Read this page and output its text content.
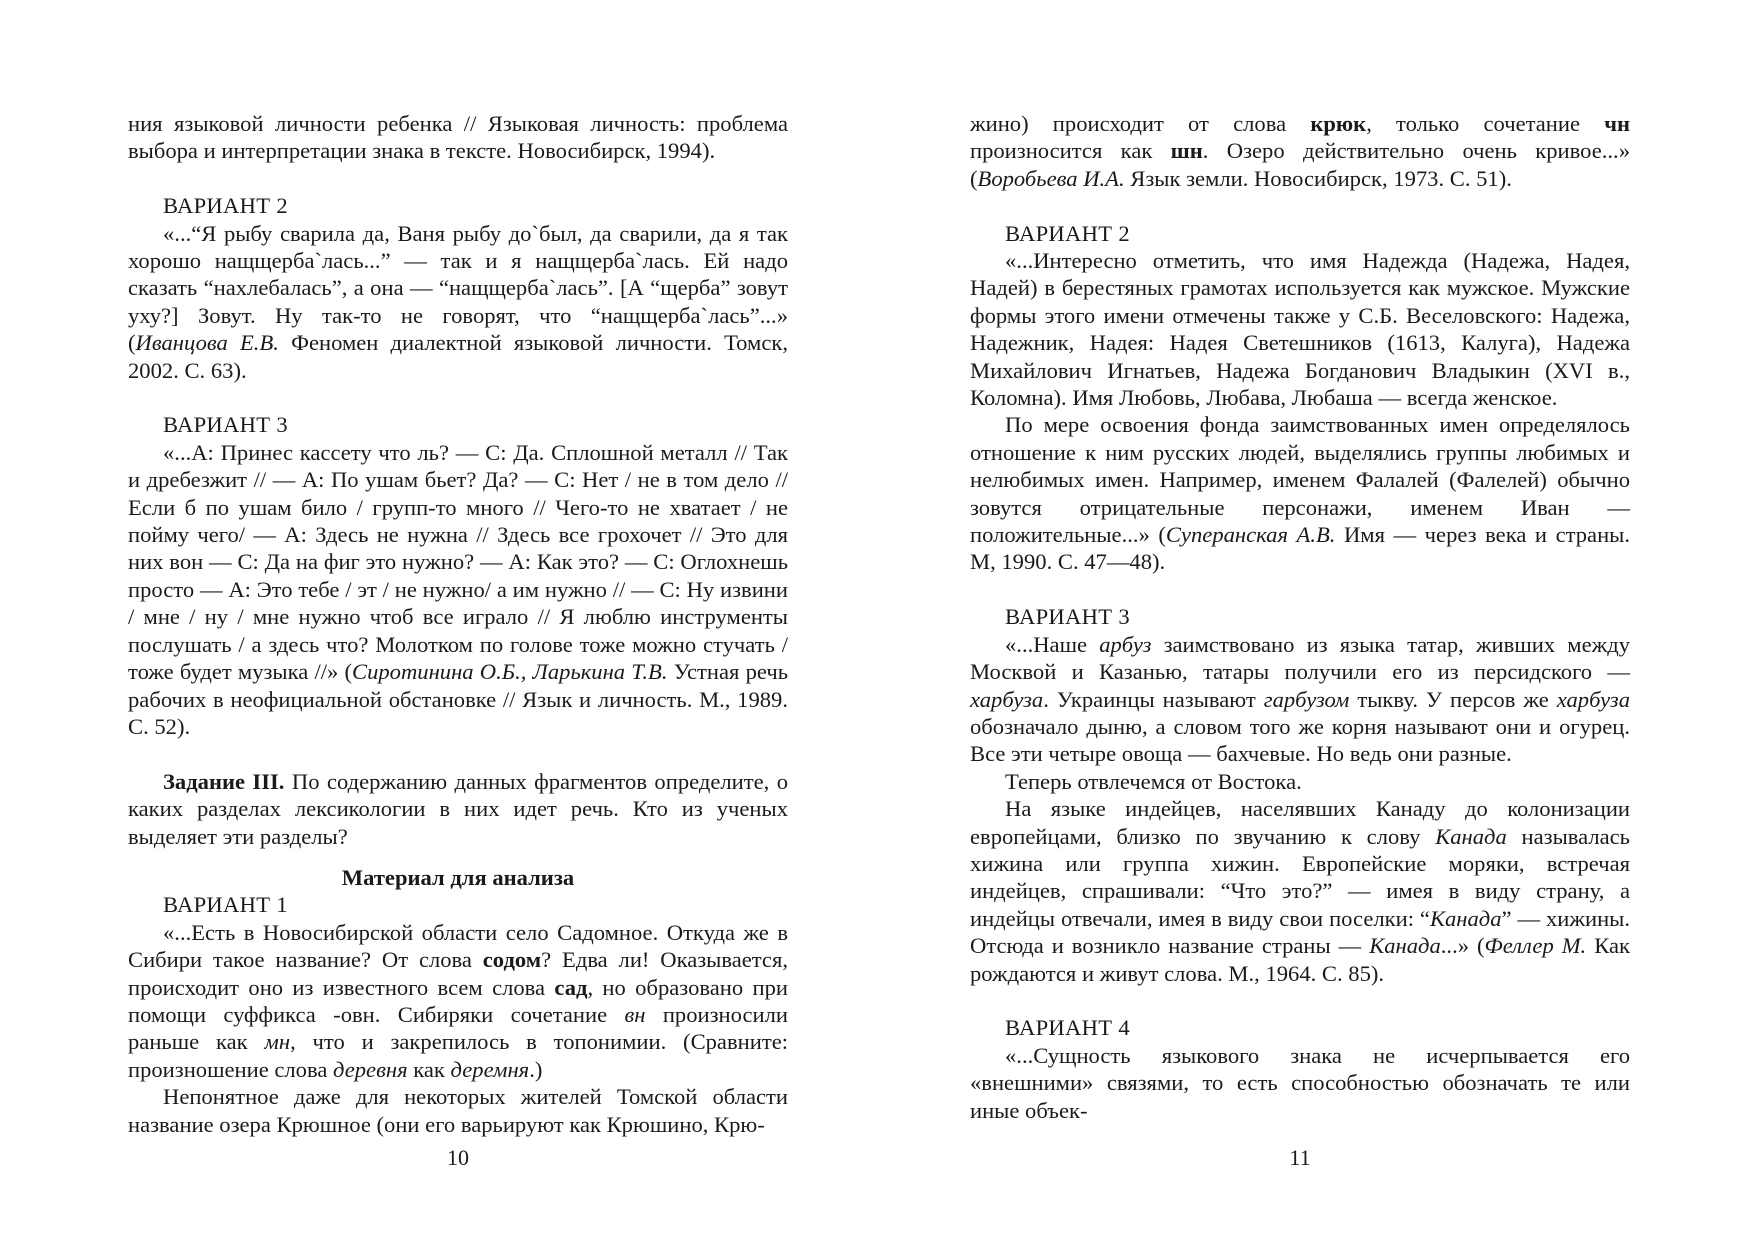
ния языковой личности ребенка // Языковая личность: проблема выбора и интерпретации знака в тексте. Новосибирск, 1994).

ВАРИАНТ 2

«...“Я рыбу сварила да, Ваня рыбу до`был, да сварили, да я так хорошо нащщерба`лась...” — так и я нащщерба`лась. Ей надо сказать “нахлебалась”, а она — “нащщерба`лась”. [А “щерба” зовут уху?] Зовут. Ну так-то не говорят, что “нащщерба`лась”...» (Иванцова Е.В. Феномен диалектной языковой личности. Томск, 2002. С. 63).

ВАРИАНТ 3

«...А: Принес кассету что ль? — С: Да. Сплошной металл // Так и дребезжит // — А: По ушам бьет? Да? — С: Нет / не в том дело // Если б по ушам било / групп-то много // Чего-то не хватает / не пойму чего/ — А: Здесь не нужна // Здесь все грохочет // Это для них вон — С: Да на фиг это нужно? — А: Как это? — С: Оглохнешь просто — А: Это тебе / эт / не нужно/ а им нужно // — С: Ну извини / мне / ну / мне нужно чтоб все играло // Я люблю инструменты послушать / а здесь что? Молотком по голове тоже можно стучать / тоже будет музыка //» (Сиротинина О.Б., Ларькина Т.В. Устная речь рабочих в неофициальной обстановке // Язык и личность. М., 1989. С. 52).

Задание III. По содержанию данных фрагментов определите, о каких разделах лексикологии в них идет речь. Кто из ученых выделяет эти разделы?

Материал для анализа

ВАРИАНТ 1

«...Есть в Новосибирской области село Садомное. Откуда же в Сибири такое название? От слова содом? Едва ли! Оказывается, происходит оно из известного всем слова сад, но образовано при помощи суффикса -овн. Сибиряки сочетание вн произносили раньше как мн, что и закрепилось в топонимии. (Сравните: произношение слова деревня как деремня.)

Непонятное даже для некоторых жителей Томской области название озера Крюшное (они его варьируют как Крюшино, Крю-

10

жино) происходит от слова крюк, только сочетание чн произносится как шн. Озеро действительно очень кривое...» (Воробьева И.А. Язык земли. Новосибирск, 1973. С. 51).

ВАРИАНТ 2

«...Интересно отметить, что имя Надежда (Надежа, Надея, Надей) в берестяных грамотах используется как мужское. Мужские формы этого имени отмечены также у С.Б. Веселовского: Надежа, Надежник, Надея: Надея Светешников (1613, Калуга), Надежа Михайлович Игнатьев, Надежа Богданович Владыкин (XVI в., Коломна). Имя Любовь, Любава, Любаша — всегда женское.

По мере освоения фонда заимствованных имен определялось отношение к ним русских людей, выделялись группы любимых и нелюбимых имен. Например, именем Фалалей (Фалелей) обычно зовутся отрицательные персонажи, именем Иван — положительные...» (Суперанская А.В. Имя — через века и страны. М, 1990. С. 47—48).

ВАРИАНТ 3

«...Наше арбуз заимствовано из языка татар, живших между Москвой и Казанью, татары получили его из персидского — харбуза. Украинцы называют гарбузом тыкву. У персов же харбуза обозначало дыню, а словом того же корня называют они и огурец. Все эти четыре овоща — бахчевые. Но ведь они разные.

Теперь отвлечемся от Востока.

На языке индейцев, населявших Канаду до колонизации европейцами, близко по звучанию к слову Канада называлась хижина или группа хижин. Европейские моряки, встречая индейцев, спрашивали: “Что это?” — имея в виду страну, а индейцы отвечали, имея в виду свои поселки: “Канада” — хижины. Отсюда и возникло название страны — Канада...» (Феллер М. Как рождаются и живут слова. М., 1964. С. 85).

ВАРИАНТ 4

«...Сущность языкового знака не исчерпывается его «внешними» связями, то есть способностью обозначать те или иные объек-

11
